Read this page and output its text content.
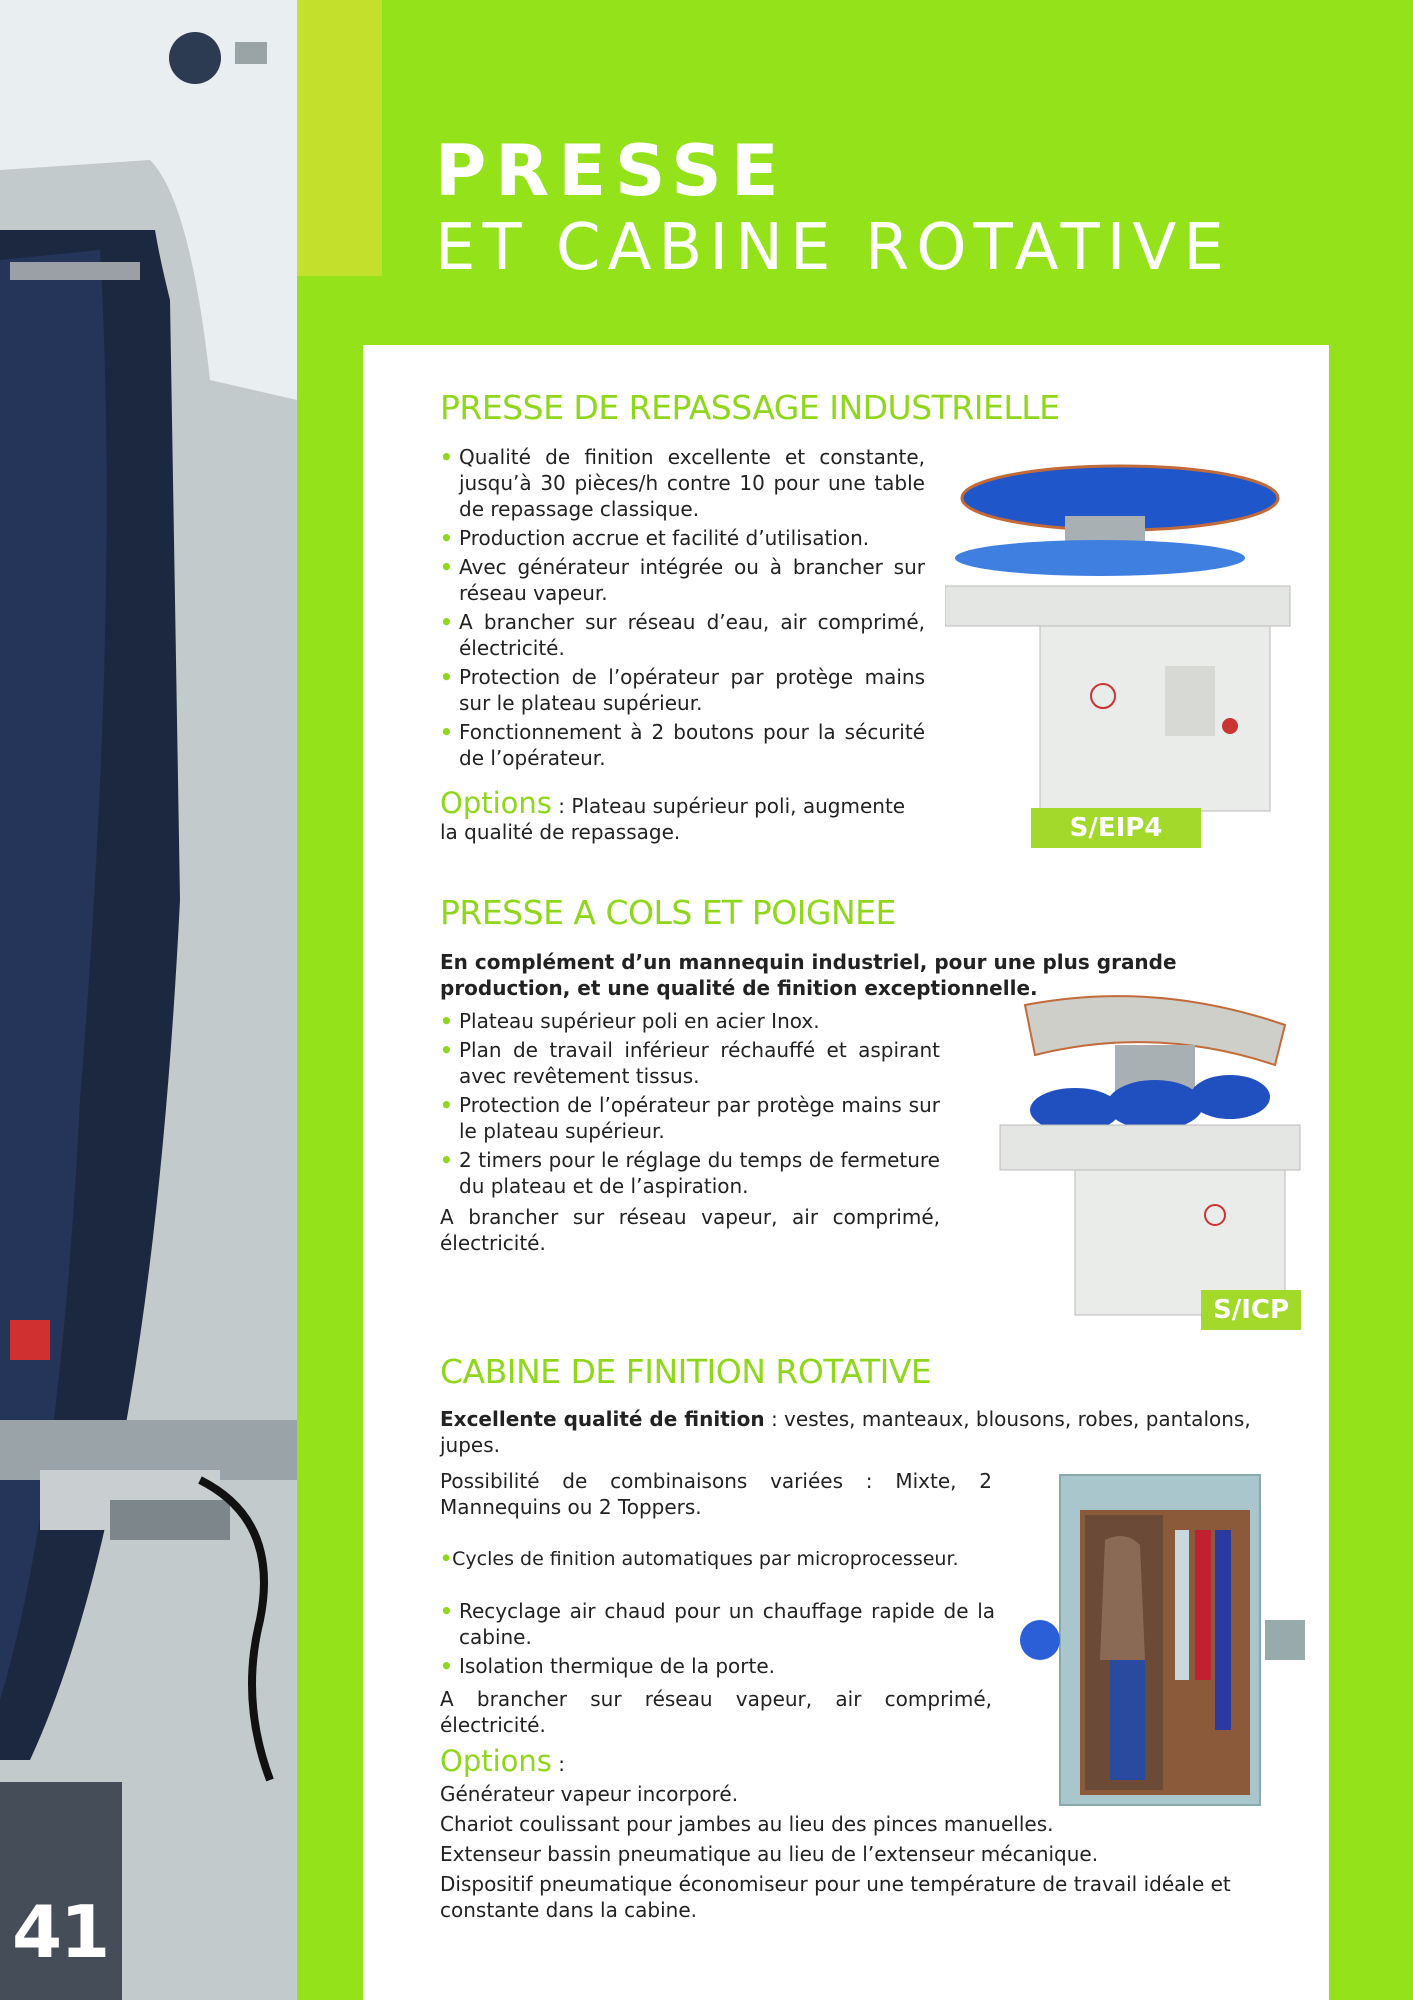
41
PRESSE
ET CABINE ROTATIVE
PRESSE DE REPASSAGE INDUSTRIELLE
• Qualité de finition excellente et constante, jusqu’à 30 pièces/h contre 10 pour une table de repassage classique.
• Production accrue et facilité d’utilisation.
• Avec générateur intégrée ou à brancher sur réseau vapeur.
• A brancher sur réseau d’eau, air comprimé, électricité.
• Protection de l’opérateur par protège mains sur le plateau supérieur.
• Fonctionnement à 2 boutons pour la sécurité de l’opérateur.
Options : Plateau supérieur poli, augmente la qualité de repassage.	S/EIP4
PRESSE A COLS ET POIGNEE
En complément d’un mannequin industriel, pour une plus grande production, et une qualité de finition exceptionnelle.
• Plateau supérieur poli en acier Inox.
• Plan de travail inférieur réchauffé et aspirant avec revêtement tissus.
• Protection de l’opérateur par protège mains sur le plateau supérieur.
• 2 timers pour le réglage du temps de fermeture du plateau et de l’aspiration.
A brancher sur réseau vapeur, air comprimé, électricité.
S/ICP
CABINE DE FINITION ROTATIVE
Excellente qualité de finition : vestes, manteaux, blousons, robes, pantalons, jupes.
Possibilité de combinaisons variées : Mixte, 2 Mannequins ou 2 Toppers.
•Cycles de finition automatiques par microprocesseur.
• Recyclage air chaud pour un chauffage rapide de la cabine.
• Isolation thermique de la porte.
A brancher sur réseau vapeur, air comprimé, électricité.
Options :
Générateur vapeur incorporé.
Chariot coulissant pour jambes au lieu des pinces manuelles.
Extenseur bassin pneumatique au lieu de l’extenseur mécanique.
Dispositif pneumatique économiseur pour une température de travail idéale et constante dans la cabine.
